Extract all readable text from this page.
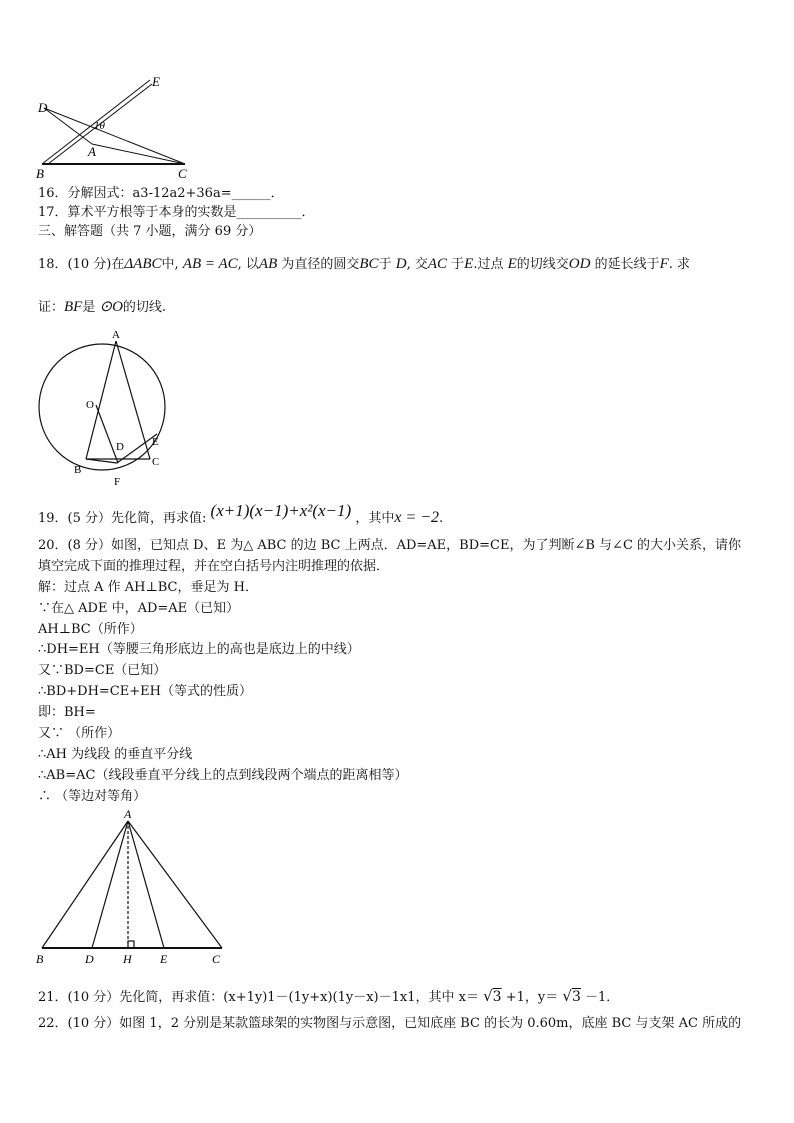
D
E
B	C
A
1θ
16．分解因式：a3-12a2+36a=______．
17．算术平方根等于本身的实数是__________．
三、解答题（共 7 小题，满分 69 分）
18．(10 分)在ΔABC中, AB = AC, 以AB 为直径的圆交BC于 D, 交AC 于E.过点 E的切线交OD 的延长线于F. 求
证：BF是 ⊙O的切线.
A
O
D	E
B
C
F
19．(5 分）先化简，再求值: (x+1)(x−1)+x²(x−1) ，其中x = −2.
20．(8 分）如图，已知点 D、E 为△ ABC 的边 BC 上两点．AD=AE，BD=CE，为了判断∠B 与∠C 的大小关系，请你
填空完成下面的推理过程，并在空白括号内注明推理的依据．
解：过点 A 作 AH⊥BC，垂足为 H．
∵在△ ADE 中，AD=AE（已知）
AH⊥BC（所作）
∴DH=EH（等腰三角形底边上的高也是底边上的中线）
又∵BD=CE（已知）
∴BD+DH=CE+EH（等式的性质）
即：BH=
又∵ （所作）
∴AH 为线段 的垂直平分线
∴AB=AC（线段垂直平分线上的点到线段两个端点的距离相等）
∴ （等边对等角）
A
B	D H E	C
21．(10 分）先化简，再求值：(x+1y)1－(1y+x)(1y－x)－1x1，其中 x＝ √3 +1，y＝ √3 －1．
22．(10 分）如图 1，2 分别是某款篮球架的实物图与示意图，已知底座 BC 的长为 0.60m，底座 BC 与支架 AC 所成的
